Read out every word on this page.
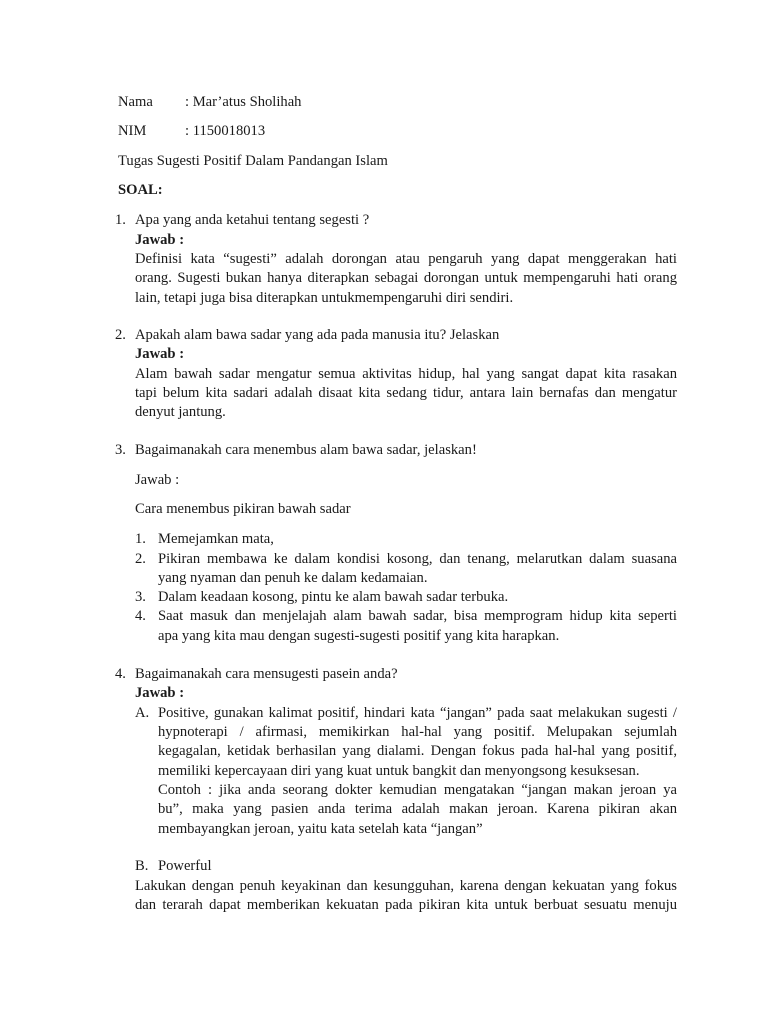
Nama : Mar’atus Sholihah

NIM	: 1150018013

Tugas Sugesti Positif Dalam Pandangan Islam

SOAL:

1. Apa yang anda ketahui tentang segesti ?

Jawab :

Definisi kata “sugesti” adalah dorongan atau pengaruh yang dapat menggerakan hati

orang. Sugesti bukan hanya diterapkan sebagai dorongan untuk mempengaruhi hati orang

lain, tetapi juga bisa diterapkan untukmempengaruhi diri sendiri.

2. Apakah alam bawa sadar yang ada pada manusia itu? Jelaskan

Jawab :

Alam bawah sadar mengatur semua aktivitas hidup, hal yang sangat dapat kita rasakan

tapi belum kita sadari adalah disaat kita sedang tidur, antara lain bernafas dan mengatur

denyut jantung.

3. Bagaimanakah cara menembus alam bawa sadar, jelaskan!

Jawab :

Cara menembus pikiran bawah sadar

1. Memejamkan mata,

2. Pikiran membawa ke dalam kondisi kosong, dan tenang, melarutkan dalam suasana

yang nyaman dan penuh ke dalam kedamaian.

3. Dalam keadaan kosong, pintu ke alam bawah sadar terbuka.

4. Saat masuk dan menjelajah alam bawah sadar, bisa memprogram hidup kita seperti

apa yang kita mau dengan sugesti-sugesti positif yang kita harapkan.

4. Bagaimanakah cara mensugesti pasein anda?

Jawab :

A. Positive, gunakan kalimat positif, hindari kata “jangan” pada saat melakukan sugesti /

hypnoterapi / afirmasi, memikirkan hal-hal yang positif. Melupakan sejumlah

kegagalan, ketidak berhasilan yang dialami. Dengan fokus pada hal-hal yang positif,

memiliki kepercayaan diri yang kuat untuk bangkit dan menyongsong kesuksesan.

Contoh : jika anda seorang dokter kemudian mengatakan “jangan makan jeroan ya

bu”, maka yang pasien anda terima adalah makan jeroan. Karena pikiran akan

membayangkan jeroan, yaitu kata setelah kata “jangan”

B. Powerful

Lakukan dengan penuh keyakinan dan kesungguhan, karena dengan kekuatan yang fokus

dan terarah dapat memberikan kekuatan pada pikiran kita untuk berbuat sesuatu menuju
